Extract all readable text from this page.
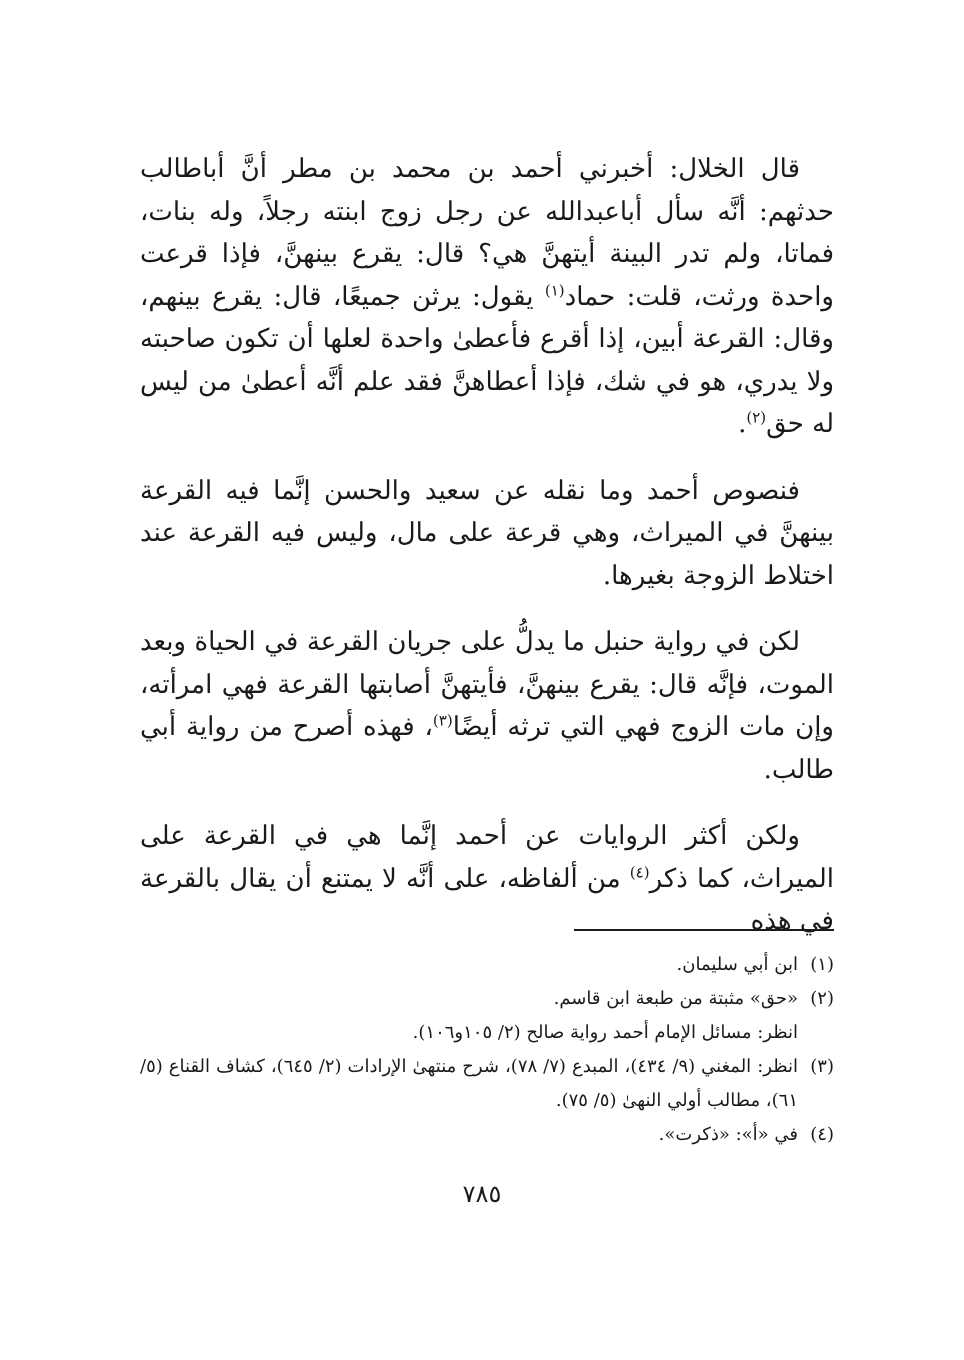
قال الخلال: أخبرني أحمد بن محمد بن مطر أنَّ أباطالب حدثهم: أنَّه سأل أباعبدالله عن رجل زوج ابنته رجلاً، وله بنات، فماتا، ولم تدر البينة أيتهنَّ هي؟ قال: يقرع بينهنَّ، فإذا قرعت واحدة ورثت، قلت: حماد$^{(١)}$ يقول: يرثن جميعًا، قال: يقرع بينهم، وقال: القرعة أبين، إذا أقرع فأعطىٰ واحدة لعلها أن تكون صاحبته ولا يدري، هو في شك، فإذا أعطاهنَّ فقد علم أنَّه أعطىٰ من ليس له حق$^{(٢)}$.

فنصوص أحمد وما نقله عن سعيد والحسن إنَّما فيه القرعة بينهنَّ في الميراث، وهي قرعة على مال، وليس فيه القرعة عند اختلاط الزوجة بغيرها.

لكن في رواية حنبل ما يدلُّ على جريان القرعة في الحياة وبعد الموت، فإنَّه قال: يقرع بينهنَّ، فأيتهنَّ أصابتها القرعة فهي امرأته، وإن مات الزوج فهي التي ترثه أيضًا$^{(٣)}$، فهذه أصرح من رواية أبي طالب.

ولكن أكثر الروايات عن أحمد إنَّما هي في القرعة على الميراث، كما ذكر$^{(٤)}$ من ألفاظه، على أنَّه لا يمتنع أن يقال بالقرعة في هذه

(١)
ابن أبي سليمان.
(٢)
«حق» مثبتة من طبعة ابن قاسم.
انظر: مسائل الإمام أحمد رواية صالح (٢/ ١٠٥و١٠٦).
(٣)
انظر: المغني (٩/ ٤٣٤)، المبدع (٧/ ٧٨)، شرح منتهىٰ الإرادات (٢/ ٦٤٥)، كشاف القناع (٥/ ٦١)، مطالب أولي النهىٰ (٥/ ٧٥).
(٤)
في «أ»: «ذكرت».
٧٨٥
